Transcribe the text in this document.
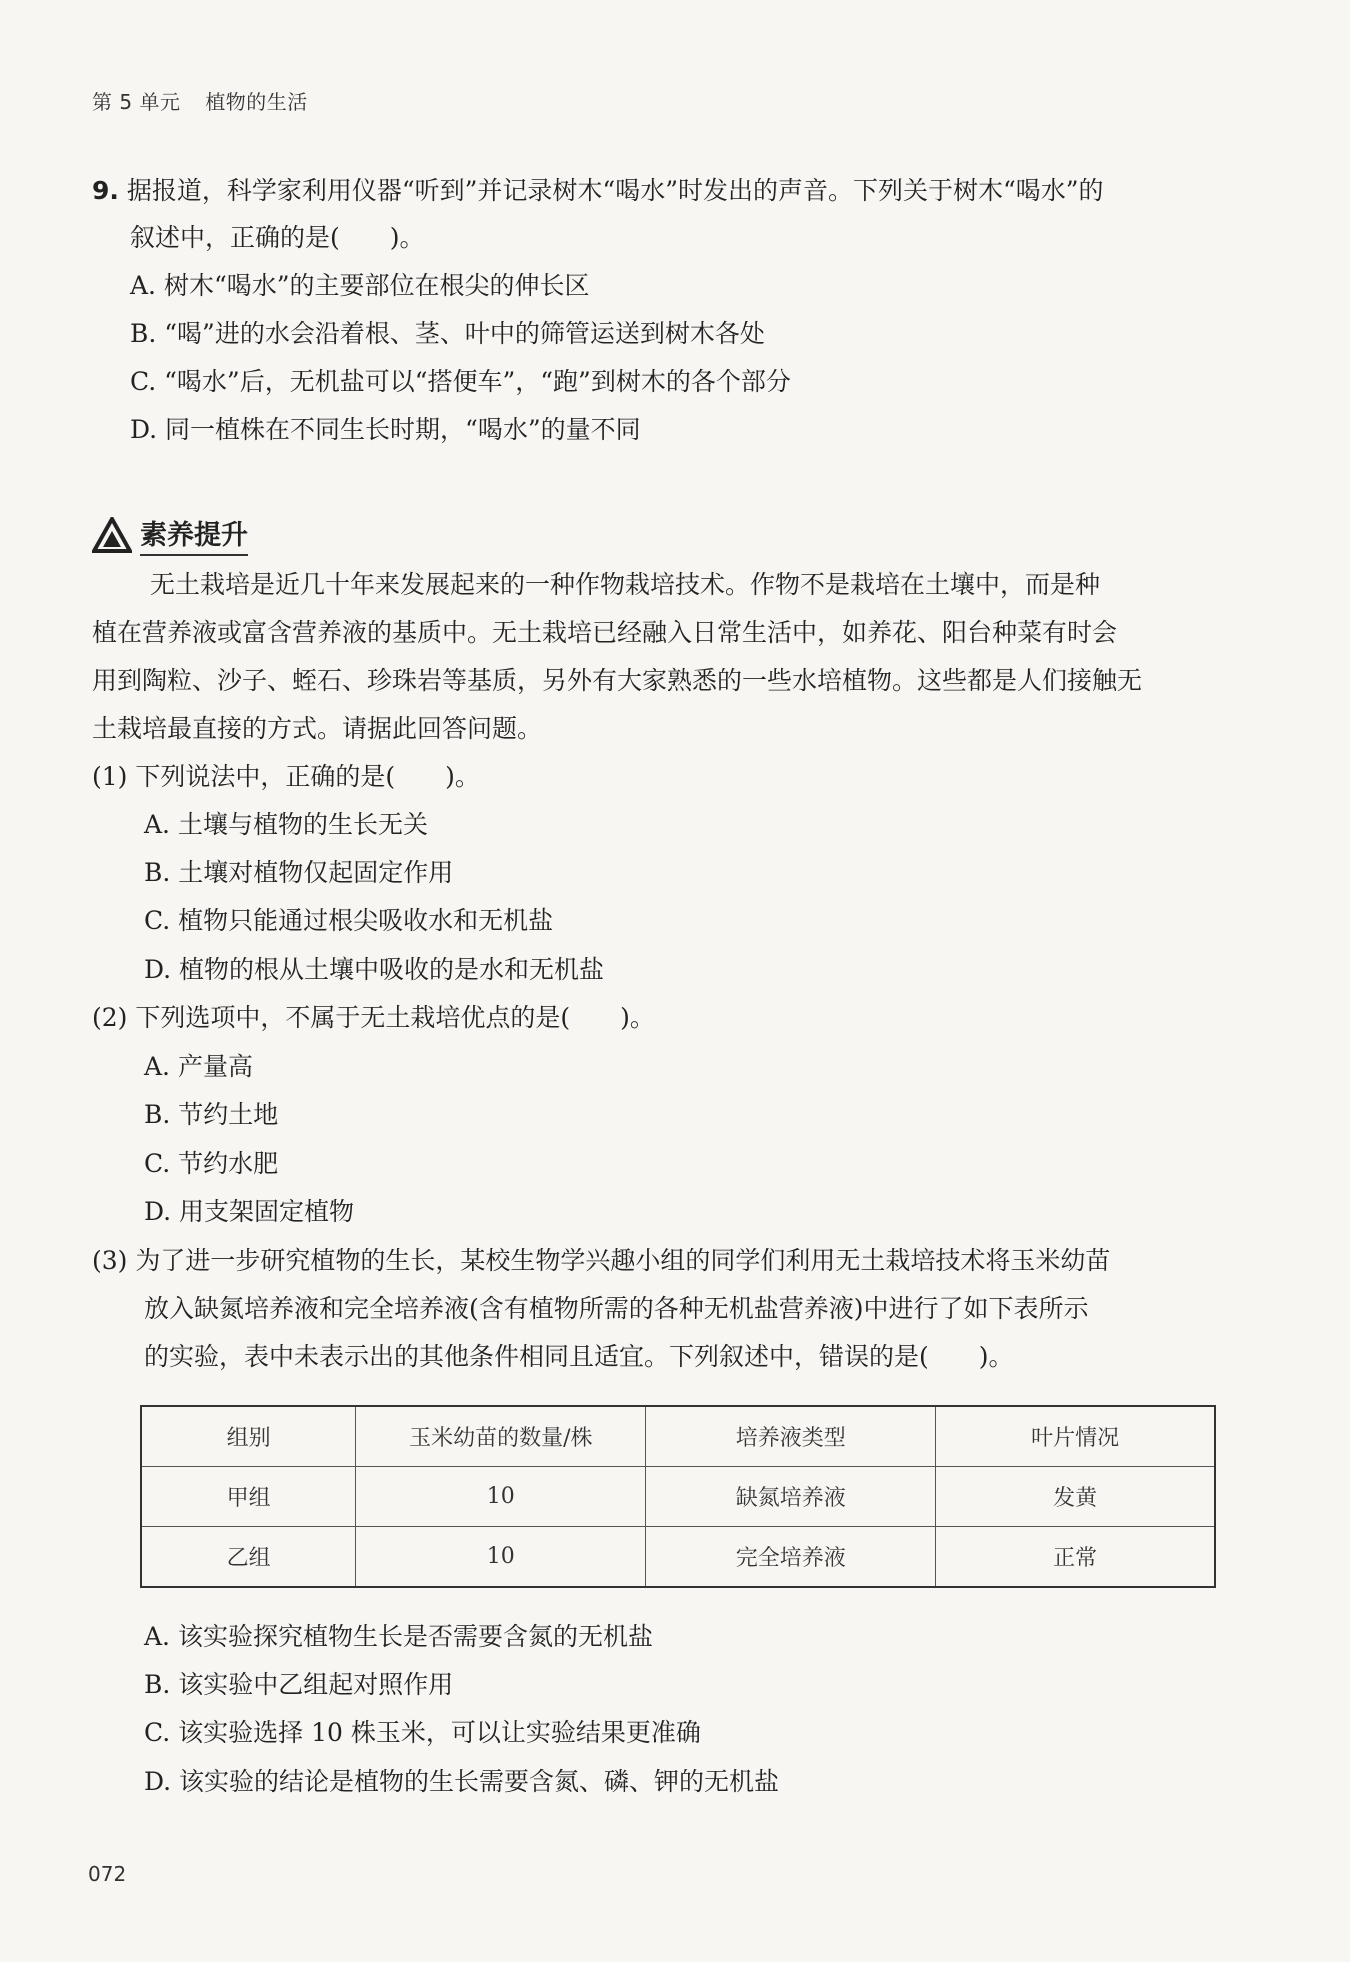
第 5 单元 植物的生活
9. 据报道，科学家利用仪器“听到”并记录树木“喝水”时发出的声音。下列关于树木“喝水”的
叙述中，正确的是(　　)。
A. 树木“喝水”的主要部位在根尖的伸长区
B. “喝”进的水会沿着根、茎、叶中的筛管运送到树木各处
C. “喝水”后，无机盐可以“搭便车”，“跑”到树木的各个部分
D. 同一植株在不同生长时期，“喝水”的量不同
素养提升
无土栽培是近几十年来发展起来的一种作物栽培技术。作物不是栽培在土壤中，而是种
植在营养液或富含营养液的基质中。无土栽培已经融入日常生活中，如养花、阳台种菜有时会
用到陶粒、沙子、蛭石、珍珠岩等基质，另外有大家熟悉的一些水培植物。这些都是人们接触无
土栽培最直接的方式。请据此回答问题。
(1) 下列说法中，正确的是(　　)。
A. 土壤与植物的生长无关
B. 土壤对植物仅起固定作用
C. 植物只能通过根尖吸收水和无机盐
D. 植物的根从土壤中吸收的是水和无机盐
(2) 下列选项中，不属于无土栽培优点的是(　　)。
A. 产量高
B. 节约土地
C. 节约水肥
D. 用支架固定植物
(3) 为了进一步研究植物的生长，某校生物学兴趣小组的同学们利用无土栽培技术将玉米幼苗
放入缺氮培养液和完全培养液(含有植物所需的各种无机盐营养液)中进行了如下表所示
的实验，表中未表示出的其他条件相同且适宜。下列叙述中，错误的是(　　)。
组别	玉米幼苗的数量/株	培养液类型	叶片情况
甲组	10	缺氮培养液	发黄
乙组	10	完全培养液	正常
A. 该实验探究植物生长是否需要含氮的无机盐
B. 该实验中乙组起对照作用
C. 该实验选择 10 株玉米，可以让实验结果更准确
D. 该实验的结论是植物的生长需要含氮、磷、钾的无机盐
072
